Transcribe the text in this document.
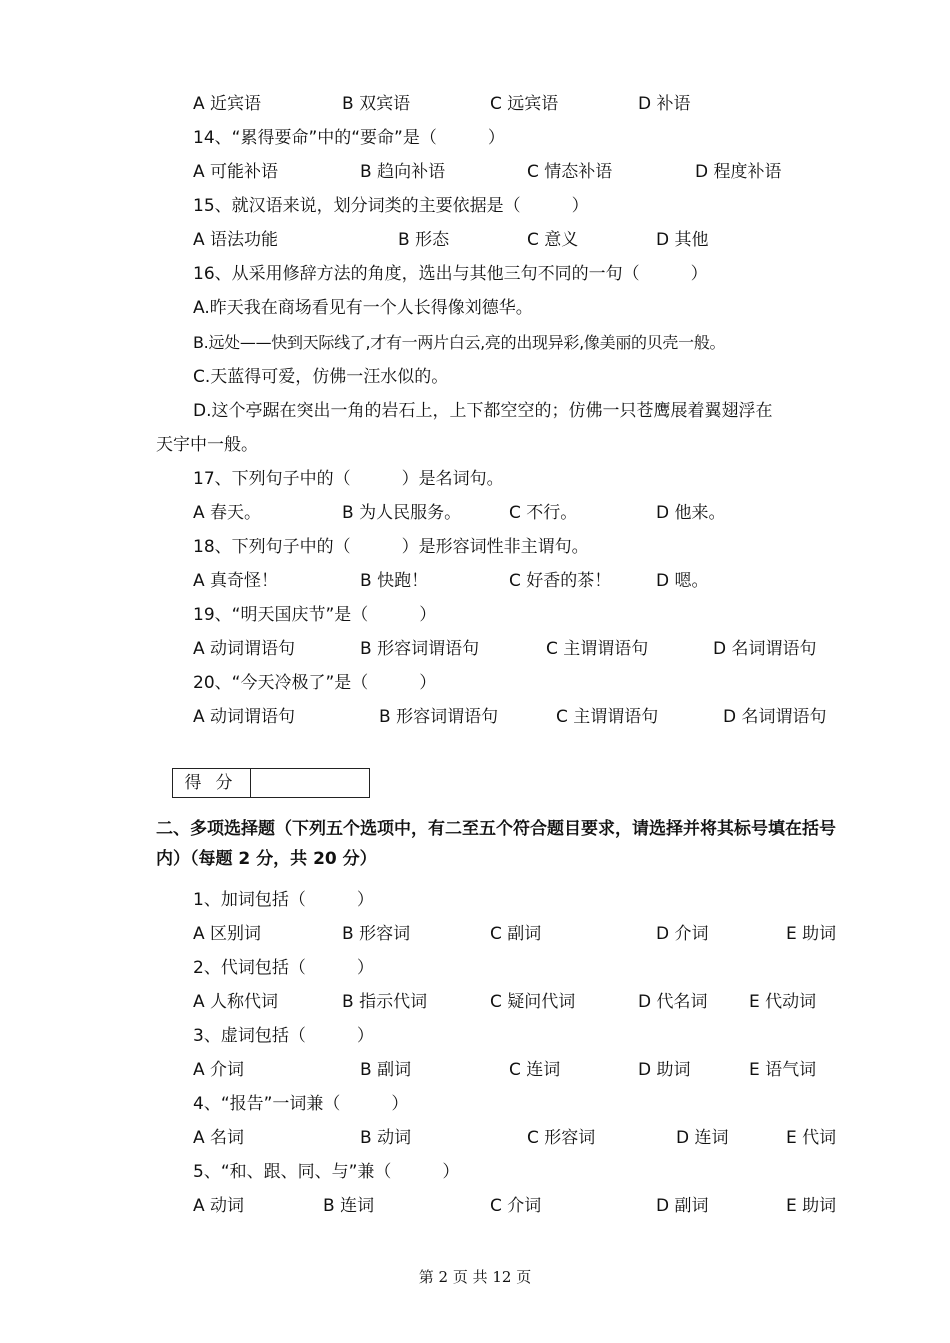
A 近宾语	B 双宾语	C 远宾语	D 补语
14、“累得要命”中的“要命”是（　　　）
A 可能补语	B 趋向补语	C 情态补语	D 程度补语
15、就汉语来说，划分词类的主要依据是（　　　）
A 语法功能	B 形态	C 意义	D 其他
16、从采用修辞方法的角度，选出与其他三句不同的一句（　　　）
A.昨天我在商场看见有一个人长得像刘德华。
B.远处——快到天际线了,才有一两片白云,亮的出现异彩,像美丽的贝壳一般。
C.天蓝得可爱，仿佛一汪水似的。
D.这个亭踞在突出一角的岩石上，上下都空空的；仿佛一只苍鹰展着翼翅浮在
天宇中一般。
17、下列句子中的（　　　）是名词句。
A 春天。	B 为人民服务。	C 不行。	D 他来。
18、下列句子中的（　　　）是形容词性非主谓句。
A 真奇怪！	B 快跑！	C 好香的茶！	D 嗯。
19、“明天国庆节”是（　　　）
A 动词谓语句	B 形容词谓语句	C 主谓谓语句	D 名词谓语句
20、“今天冷极了”是（　　　）
A 动词谓语句	B 形容词谓语句	C 主谓谓语句	D 名词谓语句
得分
二、多项选择题（下列五个选项中，有二至五个符合题目要求，请选择并将其标号填在括号内）（每题 2 分，共 20 分）
1、加词包括（　　　）
A 区别词	B 形容词	C 副词	D 介词	E 助词
2、代词包括（　　　）
A 人称代词	B 指示代词	C 疑问代词	D 代名词 E 代动词
3、虚词包括（　　　）
A 介词	B 副词	C 连词	D 助词	E 语气词
4、“报告”一词兼（　　　）
A 名词	B 动词	C 形容词	D 连词	E 代词
5、“和、跟、同、与”兼（　　　）
A 动词	B 连词	C 介词	D 副词	E 助词
第 2 页 共 12 页
